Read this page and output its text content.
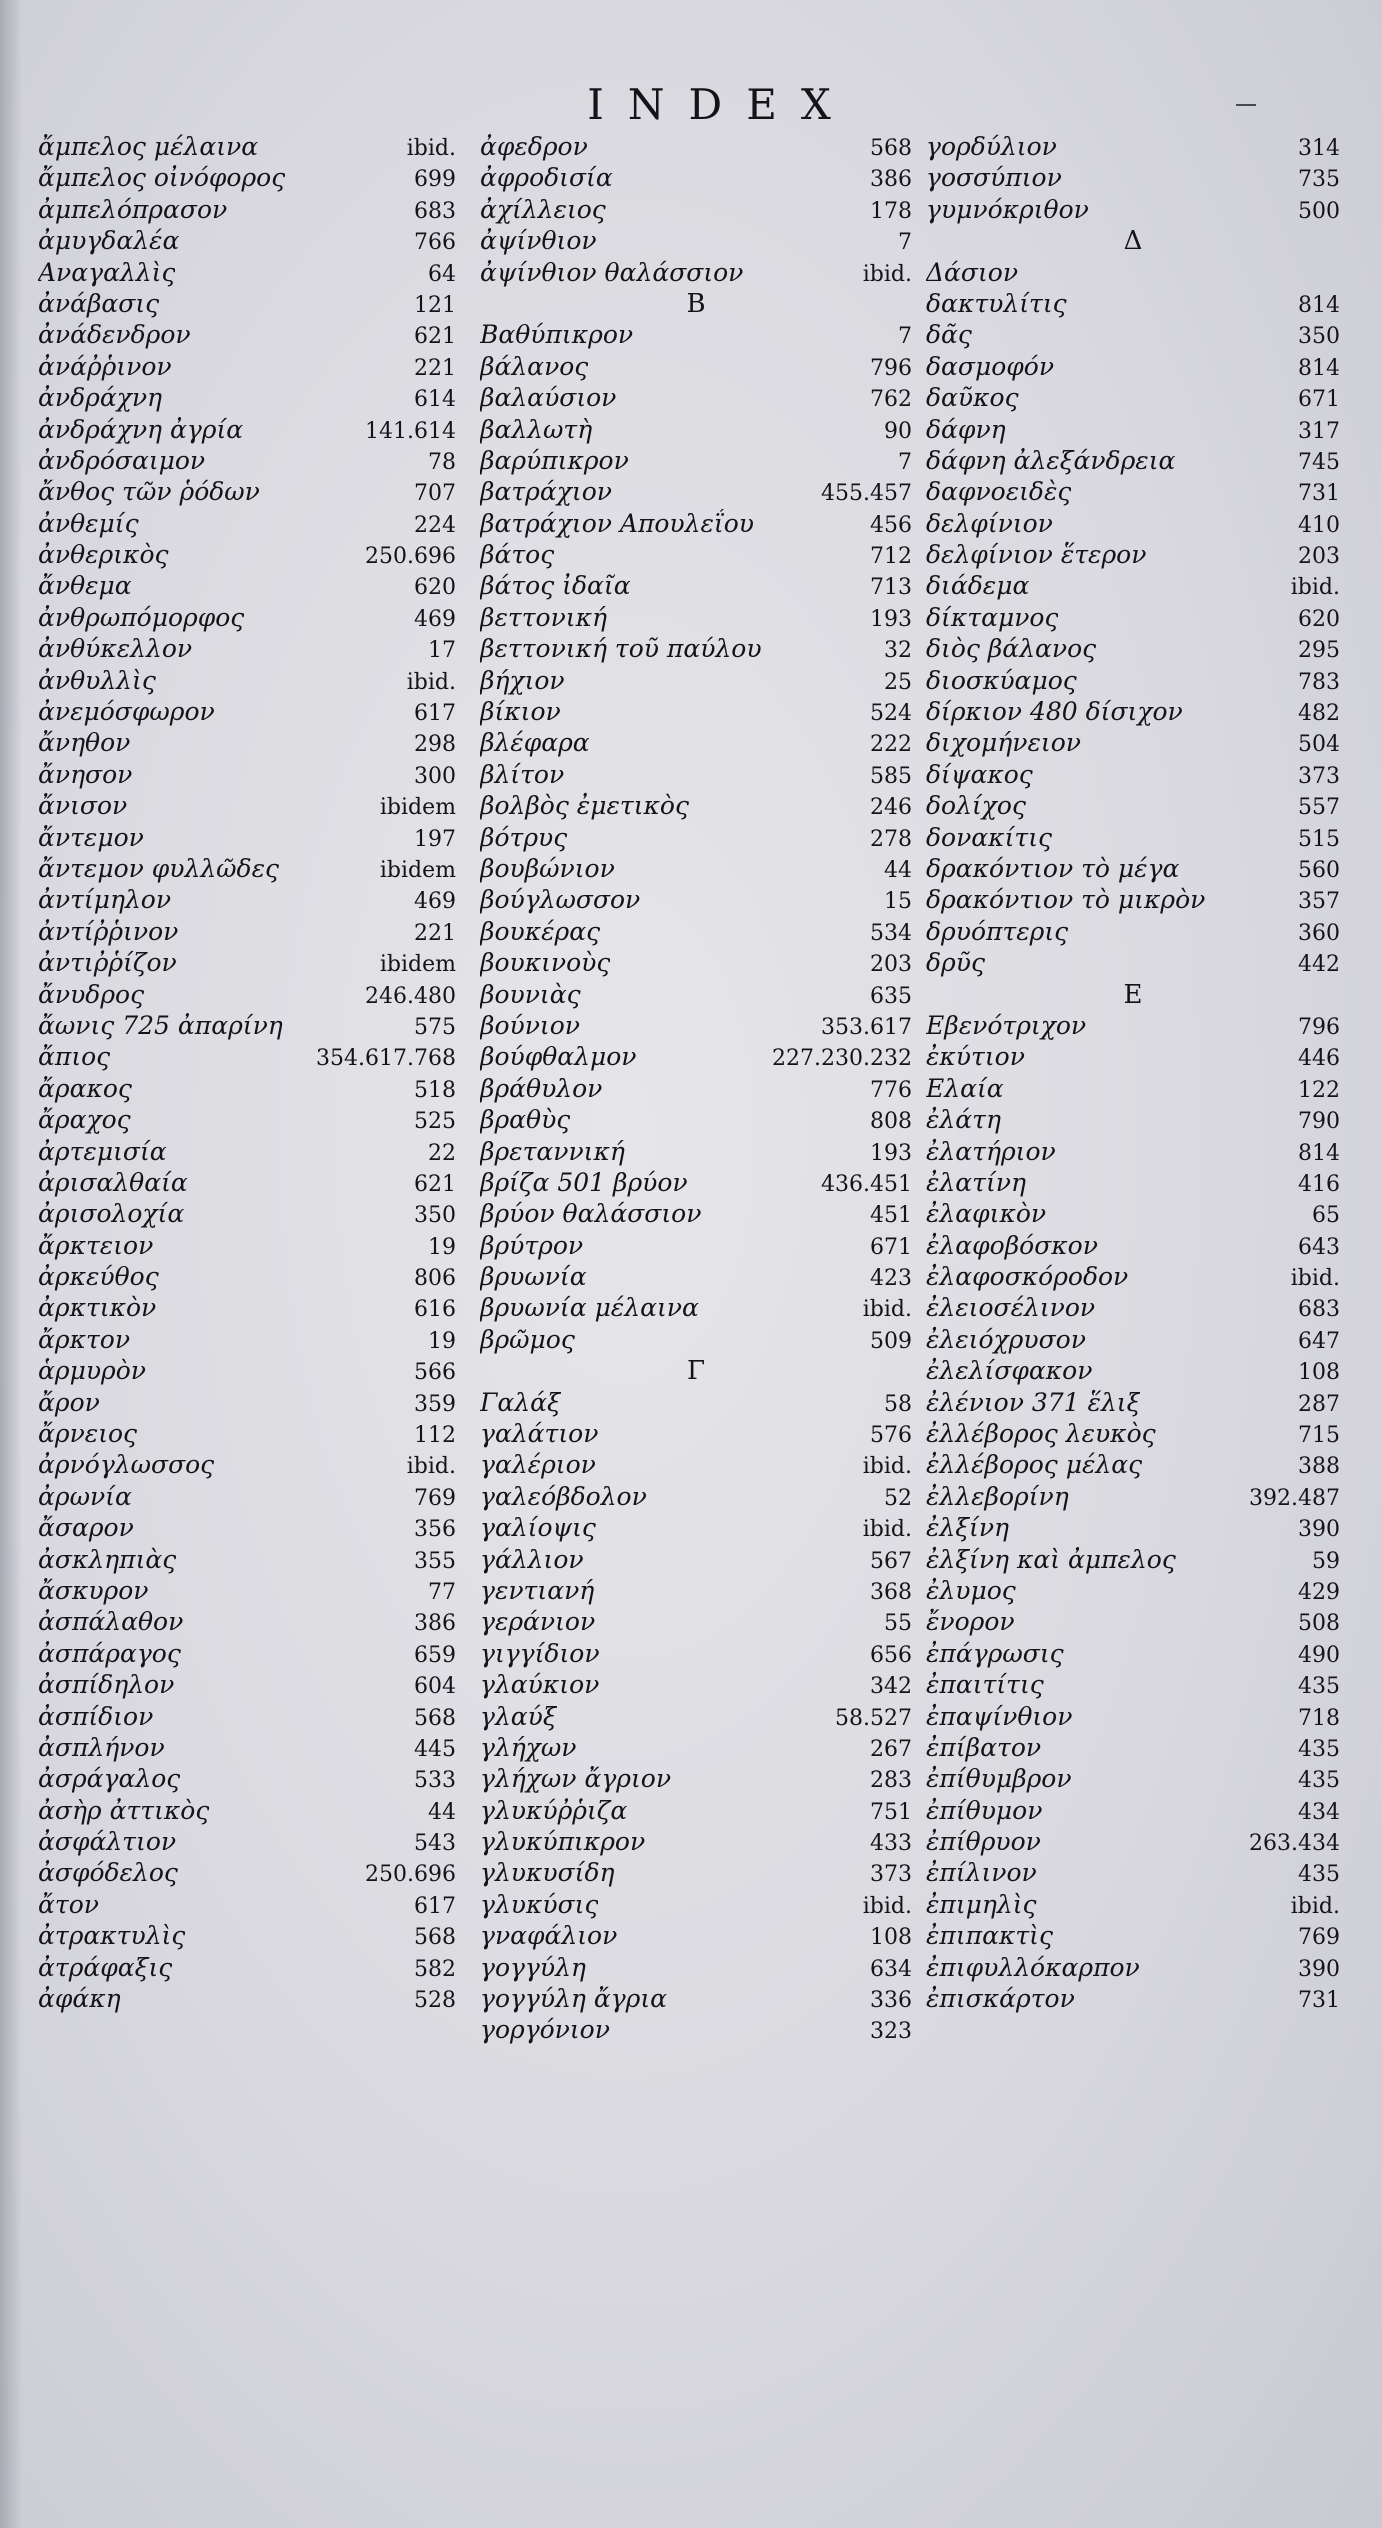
INDEX
ἄμπελος μέλαινα	ibid.
ἄμπελος οἰνόφορος	699
ἀμπελόπρασον	683
ἀμυγδαλέα	766
Αναγαλλὶς	64
ἀνάβασις	121
ἀνάδενδρον	621
ἀνάῤῥινον	221
ἀνδράχνη	614
ἀνδράχνη ἀγρία	141.614
ἀνδρόσαιμον	78
ἄνθος τῶν ῥόδων	707
ἀνθεμίς	224
ἀνθερικὸς	250.696
ἄνθεμα	620
ἀνθρωπόμορφος	469
ἀνθύκελλον	17
ἀνθυλλὶς	ibid.
ἀνεμόσφωρον	617
ἄνηθον	298
ἄνησον	300
ἄνισον	ibidem
ἄντεμον	197
ἄντεμον φυλλῶδες	ibidem
ἀντίμηλον	469
ἀντίῤῥινον	221
ἀντιῤῥίζον	ibidem
ἄνυδρος	246.480
ἄωνις 725 ἀπαρίνη	575
ἄπιος	354.617.768
ἄρακος	518
ἄραχος	525
ἀρτεμισία	22
ἀρισαλθαία	621
ἀρισολοχία	350
ἄρκτειον	19
ἀρκεύθος	806
ἀρκτικὸν	616
ἄρκτον	19
ἁρμυρὸν	566
ἄρον	359
ἄρνειος	112
ἀρνόγλωσσος	ibid.
ἀρωνία	769
ἄσαρον	356
ἀσκληπιὰς	355
ἄσκυρον	77
ἀσπάλαθον	386
ἀσπάραγος	659
ἀσπίδηλον	604
ἀσπίδιον	568
ἀσπλήνον	445
ἀσράγαλος	533
ἀσὴρ ἀττικὸς	44
ἀσφάλτιον	543
ἀσφόδελος	250.696
ἄτον	617
ἀτρακτυλὶς	568
ἀτράφαξις	582
ἀφάκη	528
ἀφεδρον	568
ἀφροδισία	386
ἀχίλλειος	178
ἀψίνθιον	7
ἀψίνθιον θαλάσσιον	ibid.
B
Βαθύπικρον	7
βάλανος	796
βαλαύσιον	762
βαλλωτὴ	90
βαρύπικρον	7
βατράχιον	455.457
βατράχιον Απουλεΐου	456
βάτος	712
βάτος ἰδαῖα	713
βεττονική	193
βεττονική τοῦ παύλου	32
βήχιον	25
βίκιον	524
βλέφαρα	222
βλίτον	585
βολβὸς ἐμετικὸς	246
βότρυς	278
βουβώνιον	44
βούγλωσσον	15
βουκέρας	534
βουκινοὺς	203
βουνιὰς	635
βούνιον	353.617
βούφθαλμον	227.230.232
βράθυλον	776
βραθὺς	808
βρεταννική	193
βρίζα 501 βρύον	436.451
βρύον θαλάσσιον	451
βρύτρον	671
βρυωνία	423
βρυωνία μέλαινα	ibid.
βρῶμος	509
Γ
Γαλάξ	58
γαλάτιον	576
γαλέριον	ibid.
γαλεόβδολον	52
γαλίοψις	ibid.
γάλλιον	567
γεντιανή	368
γεράνιον	55
γιγγίδιον	656
γλαύκιον	342
γλαύξ	58.527
γλήχων	267
γλήχων ἄγριον	283
γλυκύῤῥιζα	751
γλυκύπικρον	433
γλυκυσίδη	373
γλυκύσις	ibid.
γναφάλιον	108
γογγύλη	634
γογγύλη ἄγρια	336
γοργόνιον	323
γορδύλιον	314
γοσσύπιον	735
γυμνόκριθον	500
Δ
Δάσιον
δακτυλίτις	814
δᾶς	350
δασμοφόν	814
δαῦκος	671
δάφνη	317
δάφνη ἀλεξάνδρεια	745
δαφνοειδὲς	731
δελφίνιον	410
δελφίνιον ἕτερον	203
διάδεμα	ibid.
δίκταμνος	620
διὸς βάλανος	295
διοσκύαμος	783
δίρκιον 480 δίσιχον	482
διχομήνειον	504
δίψακος	373
δολίχος	557
δονακίτις	515
δρακόντιον τὸ μέγα	560
δρακόντιον τὸ μικρὸν	357
δρυόπτερις	360
δρῦς	442
E
Εβενότριχον	796
ἐκύτιον	446
Ελαία	122
ἐλάτη	790
ἐλατήριον	814
ἐλατίνη	416
ἐλαφικὸν	65
ἐλαφοβόσκον	643
ἐλαφοσκόροδον	ibid.
ἐλειοσέλινον	683
ἐλειόχρυσον	647
ἐλελίσφακον	108
ἐλένιον 371 ἕλιξ	287
ἐλλέβορος λευκὸς	715
ἐλλέβορος μέλας	388
ἐλλεβορίνη	392.487
ἐλξίνη	390
ἐλξίνη καὶ ἀμπελος	59
ἐλυμος	429
ἔνορον	508
ἐπάγρωσις	490
ἐπαιτίτις	435
ἐπαψίνθιον	718
ἐπίβατον	435
ἐπίθυμβρον	435
ἐπίθυμον	434
ἐπίθρυον	263.434
ἐπίλινον	435
ἐπιμηλὶς	ibid.
ἐπιπακτὶς	769
ἐπιφυλλόκαρπον	390
ἐπισκάρτον	731
